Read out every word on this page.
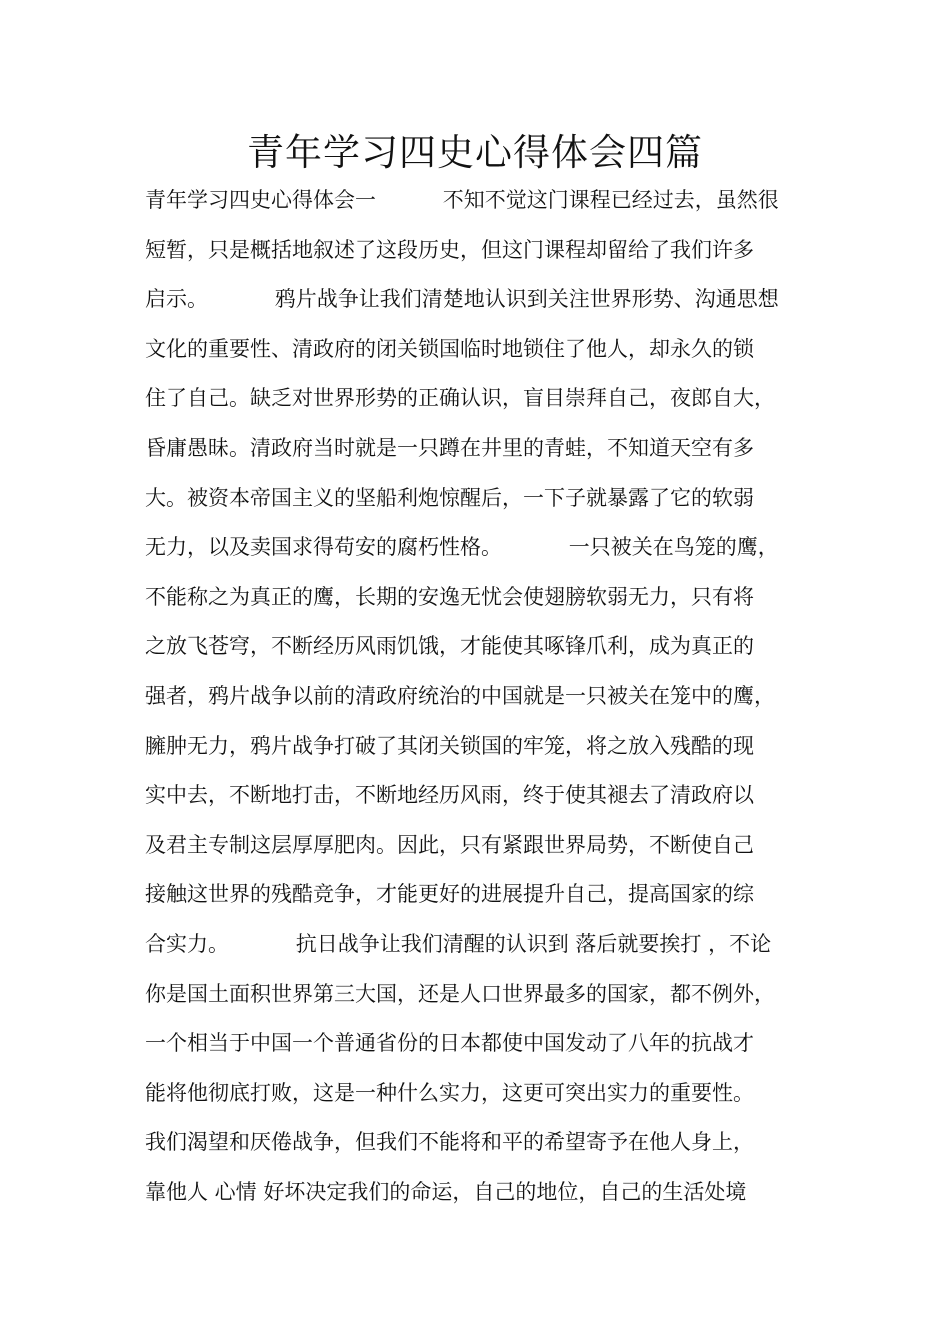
青年学习四史心得体会四篇
青年学习四史心得体会一          不知不觉这门课程已经过去，虽然很
短暂，只是概括地叙述了这段历史，但这门课程却留给了我们许多
启示。          鸦片战争让我们清楚地认识到关注世界形势、沟通思想
文化的重要性、清政府的闭关锁国临时地锁住了他人，却永久的锁
住了自己。缺乏对世界形势的正确认识，盲目崇拜自己，夜郎自大，
昏庸愚昧。清政府当时就是一只蹲在井里的青蛙，不知道天空有多
大。被资本帝国主义的坚船利炮惊醒后，一下子就暴露了它的软弱
无力，以及卖国求得苟安的腐朽性格。          一只被关在鸟笼的鹰，
不能称之为真正的鹰，长期的安逸无忧会使翅膀软弱无力，只有将
之放飞苍穹，不断经历风雨饥饿，才能使其啄锋爪利，成为真正的
强者，鸦片战争以前的清政府统治的中国就是一只被关在笼中的鹰，
臃肿无力，鸦片战争打破了其闭关锁国的牢笼，将之放入残酷的现
实中去，不断地打击，不断地经历风雨，终于使其褪去了清政府以
及君主专制这层厚厚肥肉。因此，只有紧跟世界局势，不断使自己
接触这世界的残酷竞争，才能更好的进展提升自己，提高国家的综
合实力。          抗日战争让我们清醒的认识到 落后就要挨打 ，不论
你是国土面积世界第三大国，还是人口世界最多的国家，都不例外，
一个相当于中国一个普通省份的日本都使中国发动了八年的抗战才
能将他彻底打败，这是一种什么实力，这更可突出实力的重要性。
我们渴望和厌倦战争，但我们不能将和平的希望寄予在他人身上，
靠他人 心情 好坏决定我们的命运，自己的地位，自己的生活处境
